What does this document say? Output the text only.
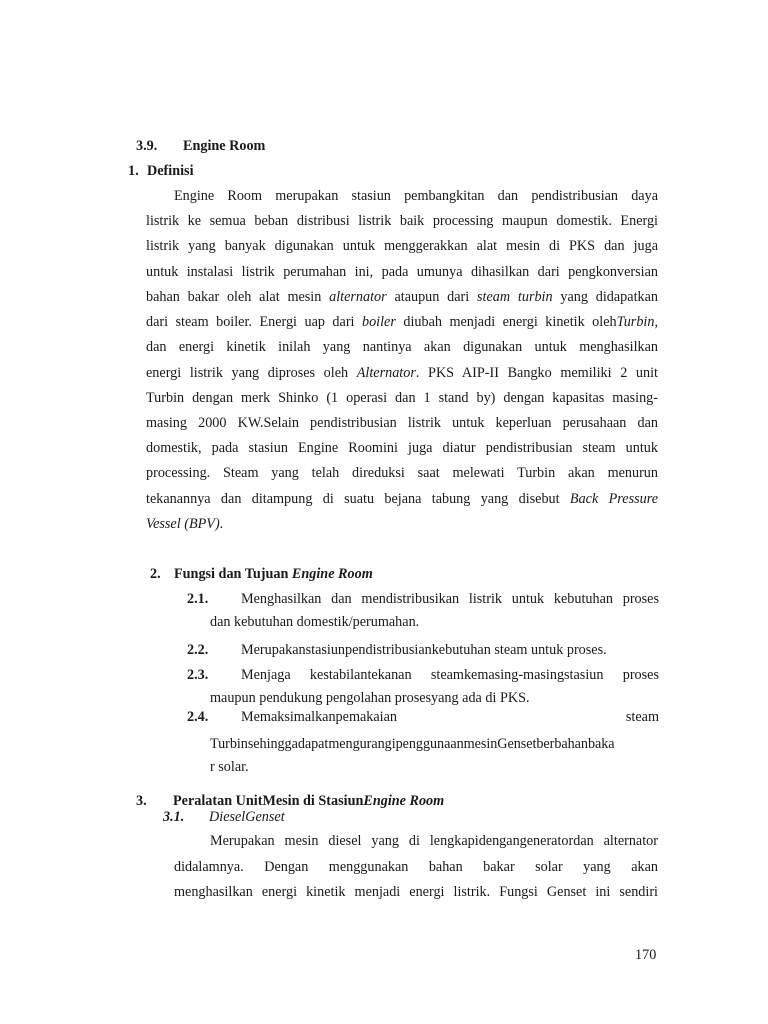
3.9. Engine Room
1. Definisi
Engine Room merupakan stasiun pembangkitan dan pendistribusian daya
listrik ke semua beban distribusi listrik baik processing maupun domestik. Energi
listrik yang banyak digunakan untuk menggerakkan alat mesin di PKS dan juga
untuk instalasi listrik perumahan ini, pada umunya dihasilkan dari pengkonversian
bahan bakar oleh alat mesin alternator ataupun dari steam turbin yang didapatkan
dari steam boiler. Energi uap dari boiler diubah menjadi energi kinetik olehTurbin,
dan energi kinetik inilah yang nantinya akan digunakan untuk menghasilkan
energi listrik yang diproses oleh Alternator. PKS AIP-II Bangko memiliki 2 unit
Turbin dengan merk Shinko (1 operasi dan 1 stand by) dengan kapasitas masing-
masing 2000 KW.Selain pendistribusian listrik untuk keperluan perusahaan dan
domestik, pada stasiun Engine Roomini juga diatur pendistribusian steam untuk
processing. Steam yang telah direduksi saat melewati Turbin akan menurun
tekanannya dan ditampung di suatu bejana tabung yang disebut Back Pressure
Vessel (BPV).
2. Fungsi dan Tujuan Engine Room
2.1.	Menghasilkan dan mendistribusikan listrik untuk kebutuhan proses
dan kebutuhan domestik/perumahan.
2.2.	Merupakanstasiunpendistribusiankebutuhan steam untuk proses.
2.3.	Menjaga kestabilantekanan steamkemasing-masingstasiun proses
maupun pendukung pengolahan prosesyang ada di PKS.
2.4.	Memaksimalkanpemakaian steam
TurbinsehinggadapatmengurangipenggunaanmesinGensetberbahanbaka
r solar.
3. Peralatan UnitMesin di StasiunEngine Room
3.1. DieselGenset
Merupakan mesin diesel yang di lengkapidengangeneratordan alternator
didalamnya. Dengan menggunakan bahan bakar solar yang akan
menghasilkan energi kinetik menjadi energi listrik. Fungsi Genset ini sendiri
170
